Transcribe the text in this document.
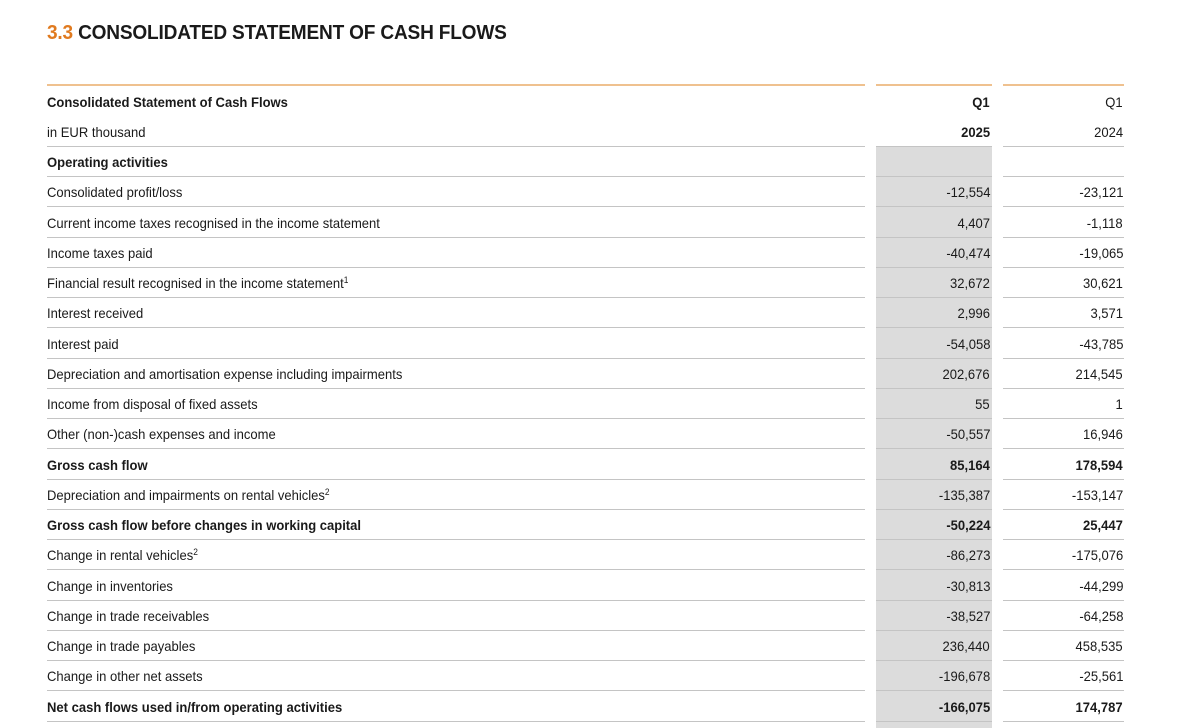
3.3 CONSOLIDATED STATEMENT OF CASH FLOWS
Consolidated Statement of Cash Flows	Q1	Q1
in EUR thousand	2025	2024
Operating activities
Consolidated profit/loss	-12,554	-23,121
Current income taxes recognised in the income statement	4,407	-1,118
Income taxes paid	-40,474	-19,065
Financial result recognised in the income statement$^1$	32,672	30,621
Interest received	2,996	3,571
Interest paid	-54,058	-43,785
Depreciation and amortisation expense including impairments	202,676	214,545
Income from disposal of fixed assets	55	1
Other (non-)cash expenses and income	-50,557	16,946
Gross cash flow	85,164	178,594
Depreciation and impairments on rental vehicles$^2$	-135,387	-153,147
Gross cash flow before changes in working capital	-50,224	25,447
Change in rental vehicles$^2$	-86,273	-175,076
Change in inventories	-30,813	-44,299
Change in trade receivables	-38,527	-64,258
Change in trade payables	236,440	458,535
Change in other net assets	-196,678	-25,561
Net cash flows used in/from operating activities	-166,075	174,787
